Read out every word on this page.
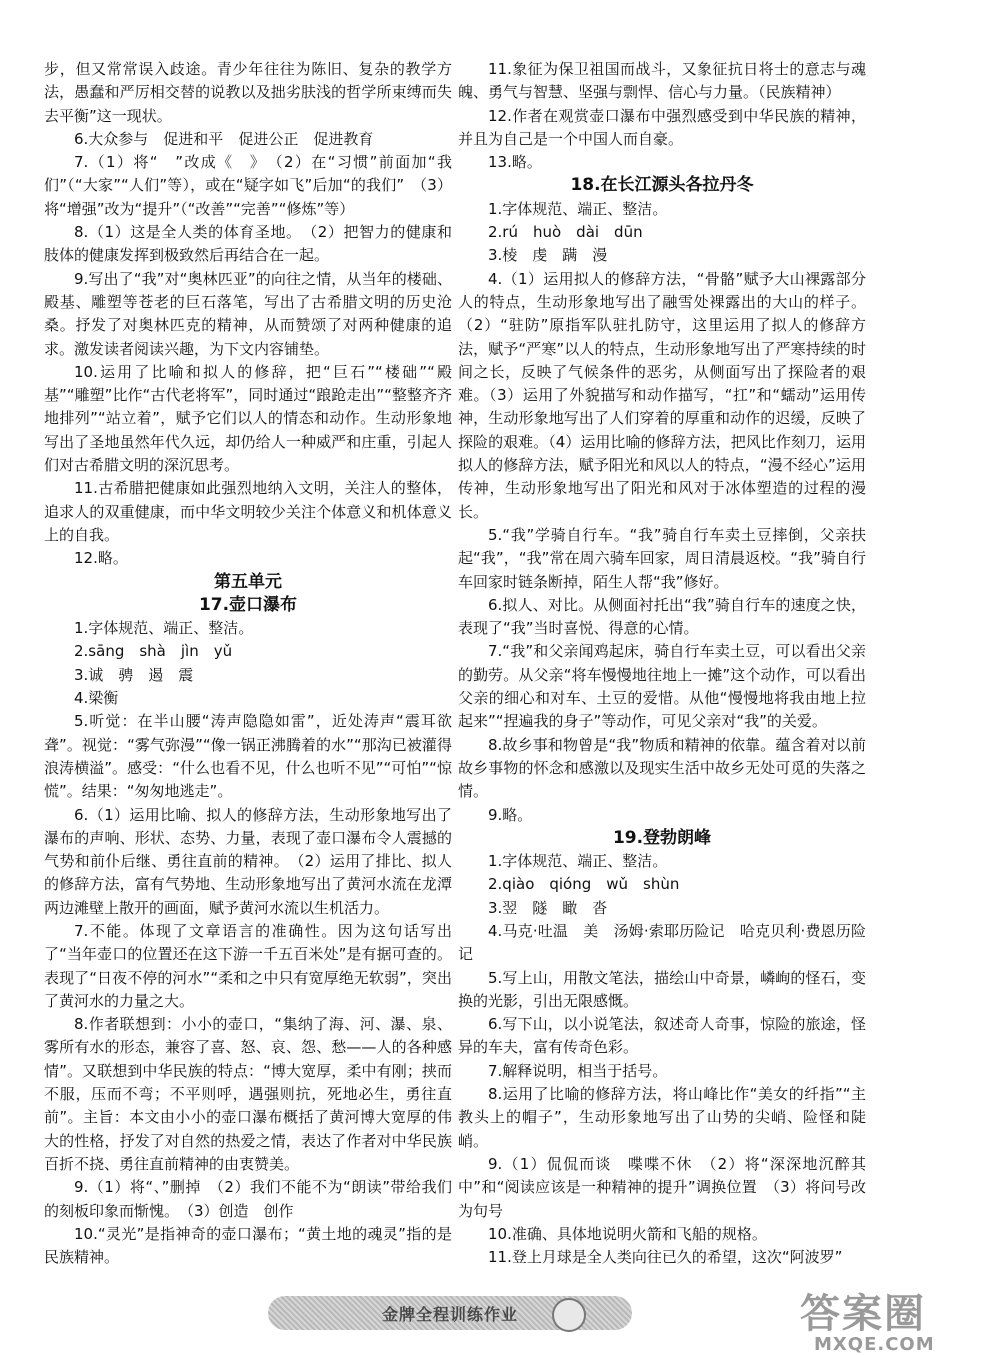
步，但又常常误入歧途。青少年往往为陈旧、复杂的教学方法，愚蠢和严厉相交替的说教以及拙劣肤浅的哲学所束缚而失去平衡”这一现状。

6.大众参与　促进和平　促进公正　促进教育

7.（1）将“　”改成《　》　（2）在“习惯”前面加“我们”（“大家”“人们”等），或在“疑字如飞”后加“的我们”　（3）将“增强”改为“提升”（“改善”“完善”“修炼”等）

8.（1）这是全人类的体育圣地。　（2）把智力的健康和肢体的健康发挥到极致然后再结合在一起。

9.写出了“我”对“奥林匹亚”的向往之情，从当年的楼础、殿基、雕塑等苍老的巨石落笔，写出了古希腊文明的历史沧桑。抒发了对奥林匹克的精神，从而赞颂了对两种健康的追求。激发读者阅读兴趣，为下文内容铺垫。

10.运用了比喻和拟人的修辞，把“巨石”“楼础”“殿基”“雕塑”比作“古代老将军”，同时通过“踉跄走出”“整整齐齐地排列”“站立着”，赋予它们以人的情态和动作。生动形象地写出了圣地虽然年代久远，却仍给人一种威严和庄重，引起人们对古希腊文明的深沉思考。

11.古希腊把健康如此强烈地纳入文明，关注人的整体，追求人的双重健康，而中华文明较少关注个体意义和机体意义上的自我。

12.略。

第五单元

17.壶口瀑布

1.字体规范、端正、整洁。

2.sāng　shà　jìn　yǔ

3.诚　骋　遏　震

4.梁衡

5.听觉：在半山腰“涛声隐隐如雷”，近处涛声“震耳欲聋”。视觉：“雾气弥漫”“像一锅正沸腾着的水”“那沟已被灌得浪涛横溢”。感受：“什么也看不见，什么也听不见”“可怕”“惊慌”。结果：“匆匆地逃走”。

6.（1）运用比喻、拟人的修辞方法，生动形象地写出了瀑布的声响、形状、态势、力量，表现了壶口瀑布令人震撼的气势和前仆后继、勇往直前的精神。　（2）运用了排比、拟人的修辞方法，富有气势地、生动形象地写出了黄河水流在龙潭两边滩壁上散开的画面，赋予黄河水流以生机活力。

7.不能。体现了文章语言的准确性。因为这句话写出了“当年壶口的位置还在这下游一千五百米处”是有据可查的。表现了“日夜不停的河水”“柔和之中只有宽厚绝无软弱”，突出了黄河水的力量之大。

8.作者联想到：小小的壶口，“集纳了海、河、瀑、泉、雾所有水的形态，兼容了喜、怒、哀、怨、愁——人的各种感情”。又联想到中华民族的特点：“博大宽厚，柔中有刚；挟而不服，压而不弯；不平则呼，遇强则抗，死地必生，勇往直前”。主旨：本文由小小的壶口瀑布概括了黄河博大宽厚的伟大的性格，抒发了对自然的热爱之情，表达了作者对中华民族百折不挠、勇往直前精神的由衷赞美。

9.（1）将“、”删掉　（2）我们不能不为“朗读”带给我们的刻板印象而惭愧。　（3）创造　创作

10.“灵光”是指神奇的壶口瀑布；“黄土地的魂灵”指的是民族精神。

11.象征为保卫祖国而战斗，又象征抗日将士的意志与魂魄、勇气与智慧、坚强与剽悍、信心与力量。（民族精神）

12.作者在观赏壶口瀑布中强烈感受到中华民族的精神，并且为自己是一个中国人而自豪。

13.略。

18.在长江源头各拉丹冬

1.字体规范、端正、整洁。

2.rú　huò　dài　dūn

3.棱　虔　蹒　漫

4.（1）运用拟人的修辞方法，“骨骼”赋予大山裸露部分人的特点，生动形象地写出了融雪处裸露出的大山的样子。（2）“驻防”原指军队驻扎防守，这里运用了拟人的修辞方法，赋予“严寒”以人的特点，生动形象地写出了严寒持续的时间之长，反映了气候条件的恶劣，从侧面写出了探险者的艰难。（3）运用了外貌描写和动作描写，“扛”和“蠕动”运用传神，生动形象地写出了人们穿着的厚重和动作的迟缓，反映了探险的艰难。（4）运用比喻的修辞方法，把风比作刻刀，运用拟人的修辞方法，赋予阳光和风以人的特点，“漫不经心”运用传神，生动形象地写出了阳光和风对于冰体塑造的过程的漫长。

5.“我”学骑自行车。“我”骑自行车卖土豆摔倒，父亲扶起“我”，“我”常在周六骑车回家，周日清晨返校。“我”骑自行车回家时链条断掉，陌生人帮“我”修好。

6.拟人、对比。从侧面衬托出“我”骑自行车的速度之快，表现了“我”当时喜悦、得意的心情。

7.“我”和父亲闻鸡起床，骑自行车卖土豆，可以看出父亲的勤劳。从父亲“将车慢慢地往地上一摊”这个动作，可以看出父亲的细心和对车、土豆的爱惜。从他“慢慢地将我由地上拉起来”“捏遍我的身子”等动作，可见父亲对“我”的关爱。

8.故乡事和物曾是“我”物质和精神的依靠。蕴含着对以前故乡事物的怀念和感激以及现实生活中故乡无处可觅的失落之情。

9.略。

19.登勃朗峰

1.字体规范、端正、整洁。

2.qiào　qióng　wǔ　shùn

3.翌　隧　瞰　沓

4.马克·吐温　美　汤姆·索耶历险记　哈克贝利·费恩历险记

5.写上山，用散文笔法，描绘山中奇景，嶙峋的怪石，变换的光影，引出无限感慨。

6.写下山，以小说笔法，叙述奇人奇事，惊险的旅途，怪异的车夫，富有传奇色彩。

7.解释说明，相当于括号。

8.运用了比喻的修辞方法，将山峰比作“美女的纤指”“主教头上的帽子”，生动形象地写出了山势的尖峭、险怪和陡峭。

9.（1）侃侃而谈　喋喋不休　（2）将“深深地沉醉其中”和“阅读应该是一种精神的提升”调换位置　（3）将问号改为句号

10.准确、具体地说明火箭和飞船的规格。

11.登上月球是全人类向往已久的希望，这次“阿波罗”

金牌全程训练作业	答案圈
MXQE.COM
